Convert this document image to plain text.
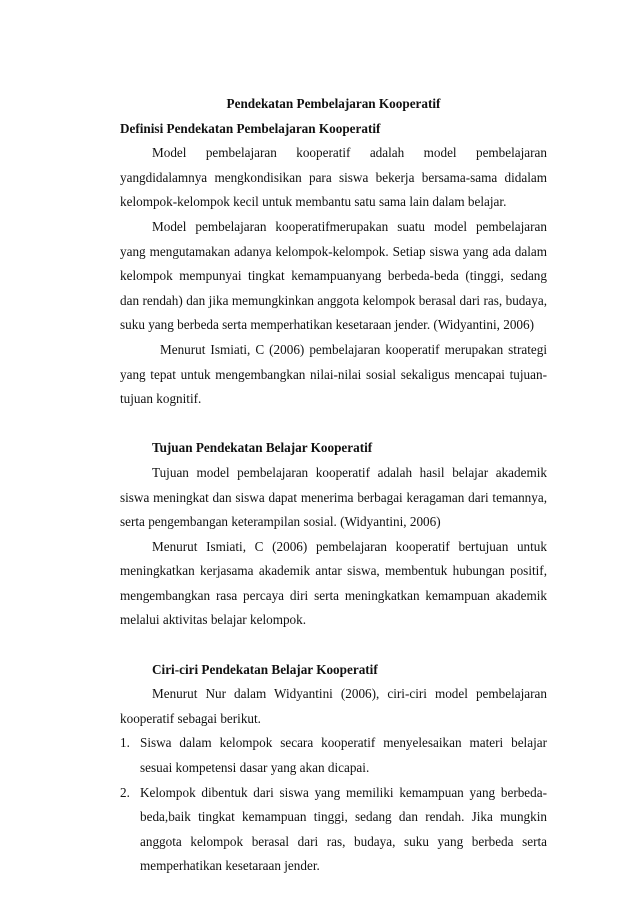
Pendekatan Pembelajaran Kooperatif

Definisi Pendekatan Pembelajaran Kooperatif

Model pembelajaran kooperatif adalah model pembelajaran yangdidalamnya mengkondisikan para siswa bekerja bersama-sama didalam kelompok-kelompok kecil untuk membantu satu sama lain dalam belajar.

Model pembelajaran kooperatifmerupakan suatu model pembelajaran yang mengutamakan adanya kelompok-kelompok. Setiap siswa yang ada dalam kelompok mempunyai tingkat kemampuanyang berbeda-beda (tinggi, sedang dan rendah) dan jika memungkinkan anggota kelompok berasal dari ras, budaya, suku yang berbeda serta memperhatikan kesetaraan jender. (Widyantini, 2006)

Menurut Ismiati, C (2006) pembelajaran kooperatif merupakan strategi yang tepat untuk mengembangkan nilai-nilai sosial sekaligus mencapai tujuan-tujuan kognitif.

Tujuan Pendekatan Belajar Kooperatif

Tujuan model pembelajaran kooperatif adalah hasil belajar akademik siswa meningkat dan siswa dapat menerima berbagai keragaman dari temannya, serta pengembangan keterampilan sosial. (Widyantini, 2006)

Menurut Ismiati, C (2006) pembelajaran kooperatif bertujuan untuk meningkatkan kerjasama akademik antar siswa, membentuk hubungan positif, mengembangkan rasa percaya diri serta meningkatkan kemampuan akademik melalui aktivitas belajar kelompok.

Ciri-ciri Pendekatan Belajar Kooperatif

Menurut Nur dalam Widyantini (2006), ciri-ciri model pembelajaran kooperatif sebagai berikut.

1. Siswa dalam kelompok secara kooperatif menyelesaikan materi belajar sesuai kompetensi dasar yang akan dicapai.
2. Kelompok dibentuk dari siswa yang memiliki kemampuan yang berbeda-beda,baik tingkat kemampuan tinggi, sedang dan rendah. Jika mungkin anggota kelompok berasal dari ras, budaya, suku yang berbeda serta memperhatikan kesetaraan jender.
